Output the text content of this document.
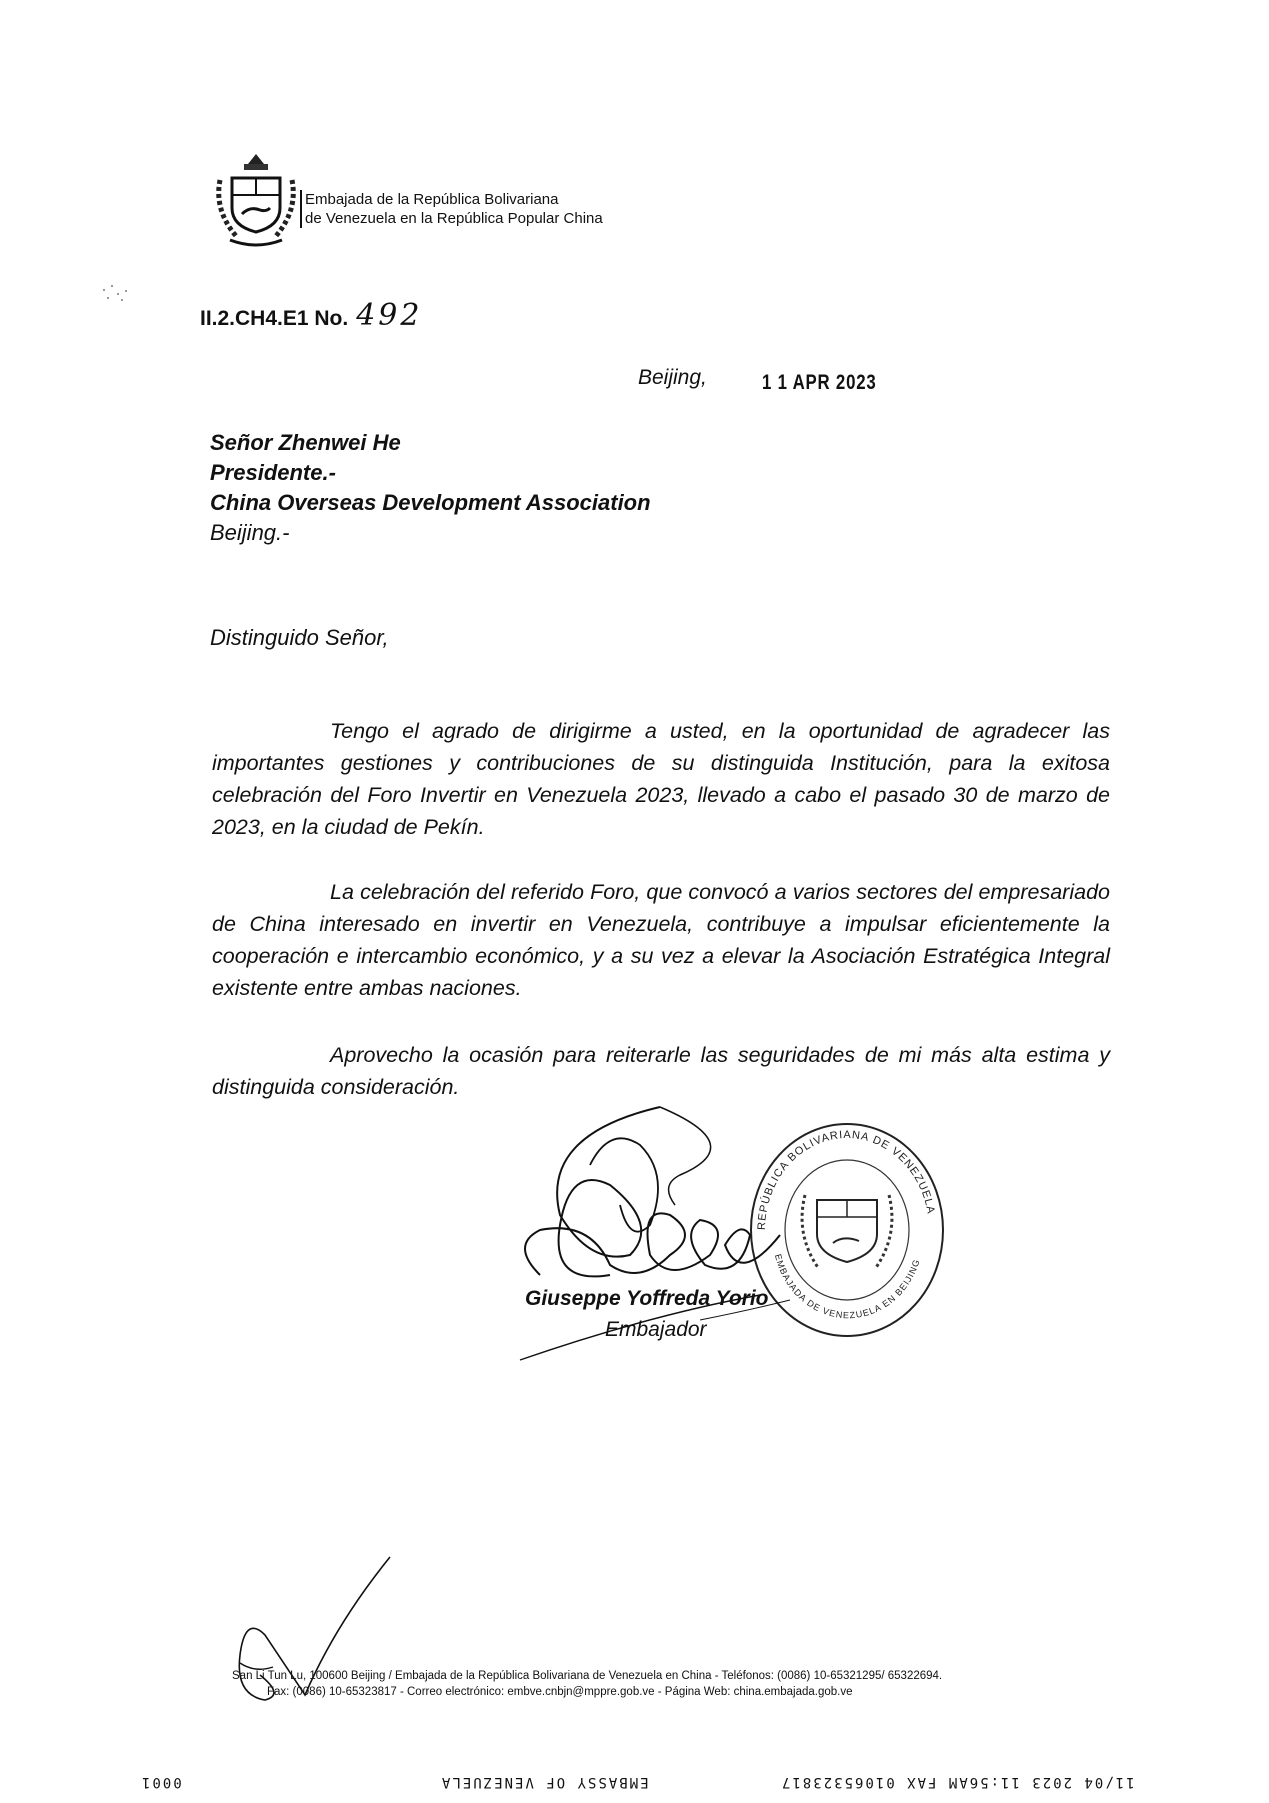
Embajada de la República Bolivariana
de Venezuela en la República Popular China
II.2.CH4.E1 No. 492
Beijing,	1 1 APR 2023
Señor Zhenwei He
Presidente.-
China Overseas Development Association
Beijing.-
Distinguido Señor,

Tengo el agrado de dirigirme a usted, en la oportunidad de agradecer las importantes gestiones y contribuciones de su distinguida Institución, para la exitosa celebración del Foro Invertir en Venezuela 2023, llevado a cabo el pasado 30 de marzo de 2023, en la ciudad de Pekín.

La celebración del referido Foro, que convocó a varios sectores del empresariado de China interesado en invertir en Venezuela, contribuye a impulsar eficientemente la cooperación e intercambio económico, y a su vez a elevar la Asociación Estratégica Integral existente entre ambas naciones.

Aprovecho la ocasión para reiterarle las seguridades de mi más alta estima y distinguida consideración.

REPÚBLICA BOLIVARIANA DE VENEZUELA
EMBAJADA DE VENEZUELA EN BEIJING
Giuseppe Yoffreda Yorio
Embajador
San Li Tun Lu, 100600 Beijing / Embajada de la República Bolivariana de Venezuela en China - Teléfonos: (0086) 10-65321295/ 65322694.
Fax: (0086) 10-65323817 - Correo electrónico: embve.cnbjn@mppre.gob.ve - Página Web: china.embajada.gob.ve
0001	EMBASSY OF VENEZUELA	11/04 2023 11:56AM FAX 01065323817
